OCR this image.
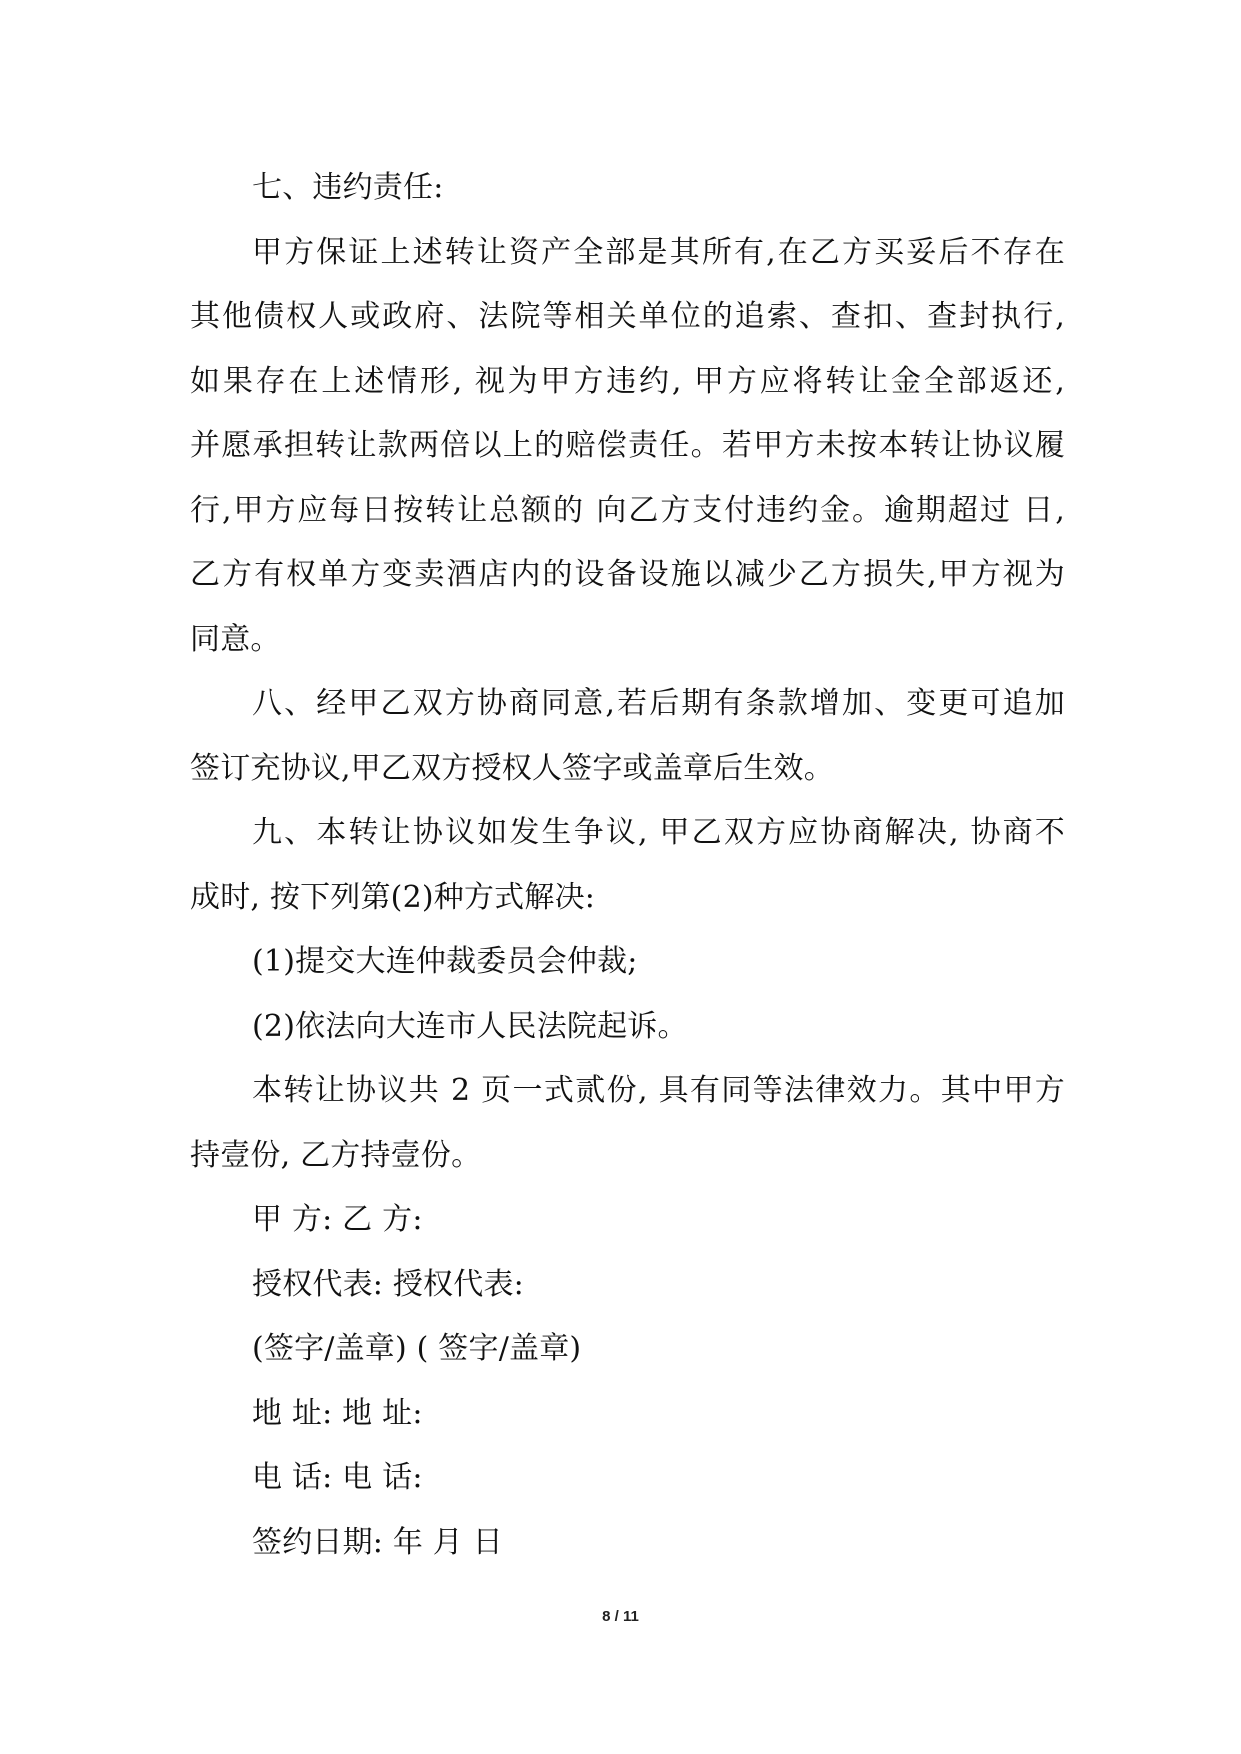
七、违约责任:
甲方保证上述转让资产全部是其所有,在乙方买妥后不存在
其他债权人或政府、法院等相关单位的追索、查扣、查封执行,
如果存在上述情形, 视为甲方违约, 甲方应将转让金全部返还,
并愿承担转让款两倍以上的赔偿责任。若甲方未按本转让协议履
行,甲方应每日按转让总额的 向乙方支付违约金。逾期超过 日,
乙方有权单方变卖酒店内的设备设施以减少乙方损失,甲方视为
同意。
八、经甲乙双方协商同意,若后期有条款增加、变更可追加
签订充协议,甲乙双方授权人签字或盖章后生效。
九、本转让协议如发生争议, 甲乙双方应协商解决, 协商不
成时, 按下列第(2)种方式解决:
(1)提交大连仲裁委员会仲裁;
(2)依法向大连市人民法院起诉。
本转让协议共 2 页一式贰份, 具有同等法律效力。其中甲方
持壹份, 乙方持壹份。
甲 方: 乙 方:
授权代表: 授权代表:
(签字/盖章) ( 签字/盖章)
地 址: 地 址:
电 话: 电 话:
签约日期: 年 月 日
8 / 11
